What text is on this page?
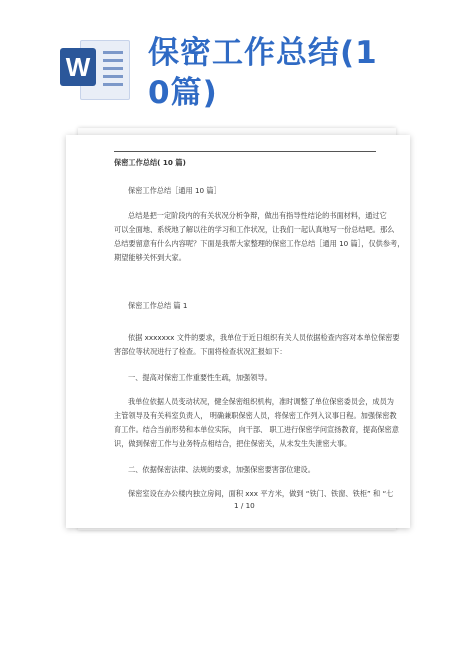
W 保密工作总结(1
0篇)
保密工作总结( 10 篇)
保密工作总结［通用 10 篇］
总结是把一定阶段内的有关状况分析争辩，做出有指导性结论的书面材料，通过它
可以全面地、系统地了解以往的学习和工作状况，让我们一起认真地写一份总结吧。那么
总结要留意有什么内容呢？下面是我帮大家整理的保密工作总结［通用 10 篇］，仅供参考，
期望能够关怀到大家。
保密工作总结 篇 1
依据 xxxxxxx 文件的要求，我单位于近日组织有关人员依据检查内容对本单位保密要
害部位等状况进行了检查。下面将检查状况汇报如下：
一、提高对保密工作重要性生疏，加强领导。
我单位依据人员变动状况，健全保密组织机构，准时调整了单位保密委员会，成员为
主管领导及有关科室负责人， 明确兼职保密人员，将保密工作列入议事日程。加强保密教
育工作。结合当前形势和本单位实际， 向干部、 职工进行保密学问宣扬教育，提高保密意
识，做到保密工作与业务特点相结合，把住保密关，从未发生失泄密大事。
二、依据保密法律、法规的要求，加强保密要害部位建设。
保密室设在办公楼内独立房间，面积 xxx 平方米，做到 “铁门、铁窗、铁柜” 和 “七
1 / 10
